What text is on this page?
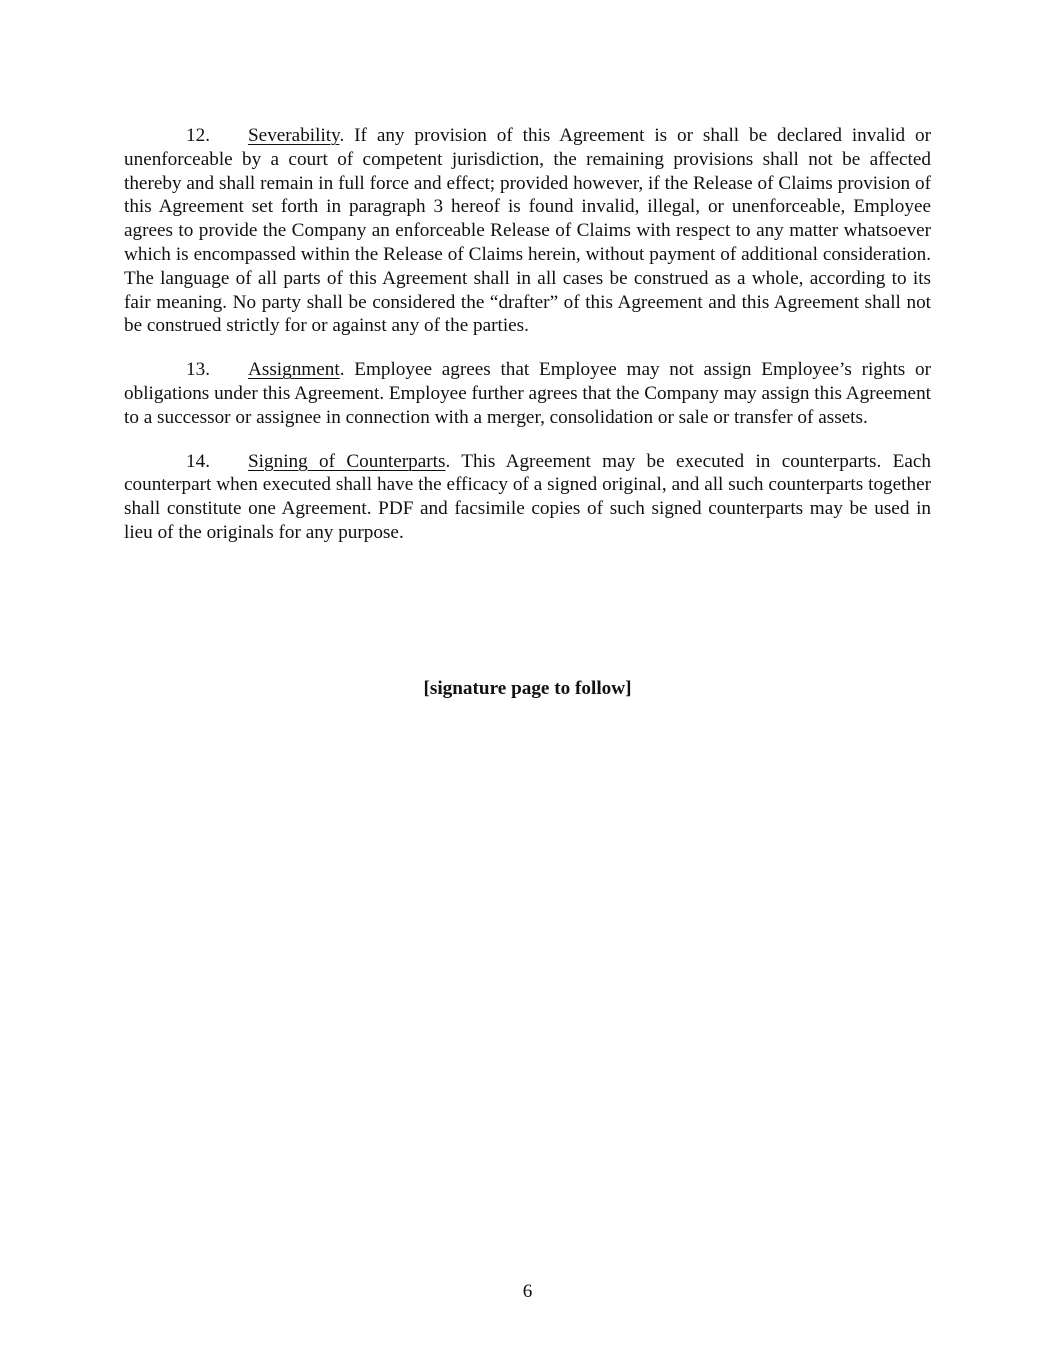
12. Severability. If any provision of this Agreement is or shall be declared invalid or unenforceable by a court of competent jurisdiction, the remaining provisions shall not be affected thereby and shall remain in full force and effect; provided however, if the Release of Claims provision of this Agreement set forth in paragraph 3 hereof is found invalid, illegal, or unenforceable, Employee agrees to provide the Company an enforceable Release of Claims with respect to any matter whatsoever which is encompassed within the Release of Claims herein, without payment of additional consideration. The language of all parts of this Agreement shall in all cases be construed as a whole, according to its fair meaning. No party shall be considered the “drafter” of this Agreement and this Agreement shall not be construed strictly for or against any of the parties.

13. Assignment. Employee agrees that Employee may not assign Employee’s rights or obligations under this Agreement. Employee further agrees that the Company may assign this Agreement to a successor or assignee in connection with a merger, consolidation or sale or transfer of assets.

14. Signing of Counterparts. This Agreement may be executed in counterparts. Each counterpart when executed shall have the efficacy of a signed original, and all such counterparts together shall constitute one Agreement. PDF and facsimile copies of such signed counterparts may be used in lieu of the originals for any purpose.

[signature page to follow]

6
